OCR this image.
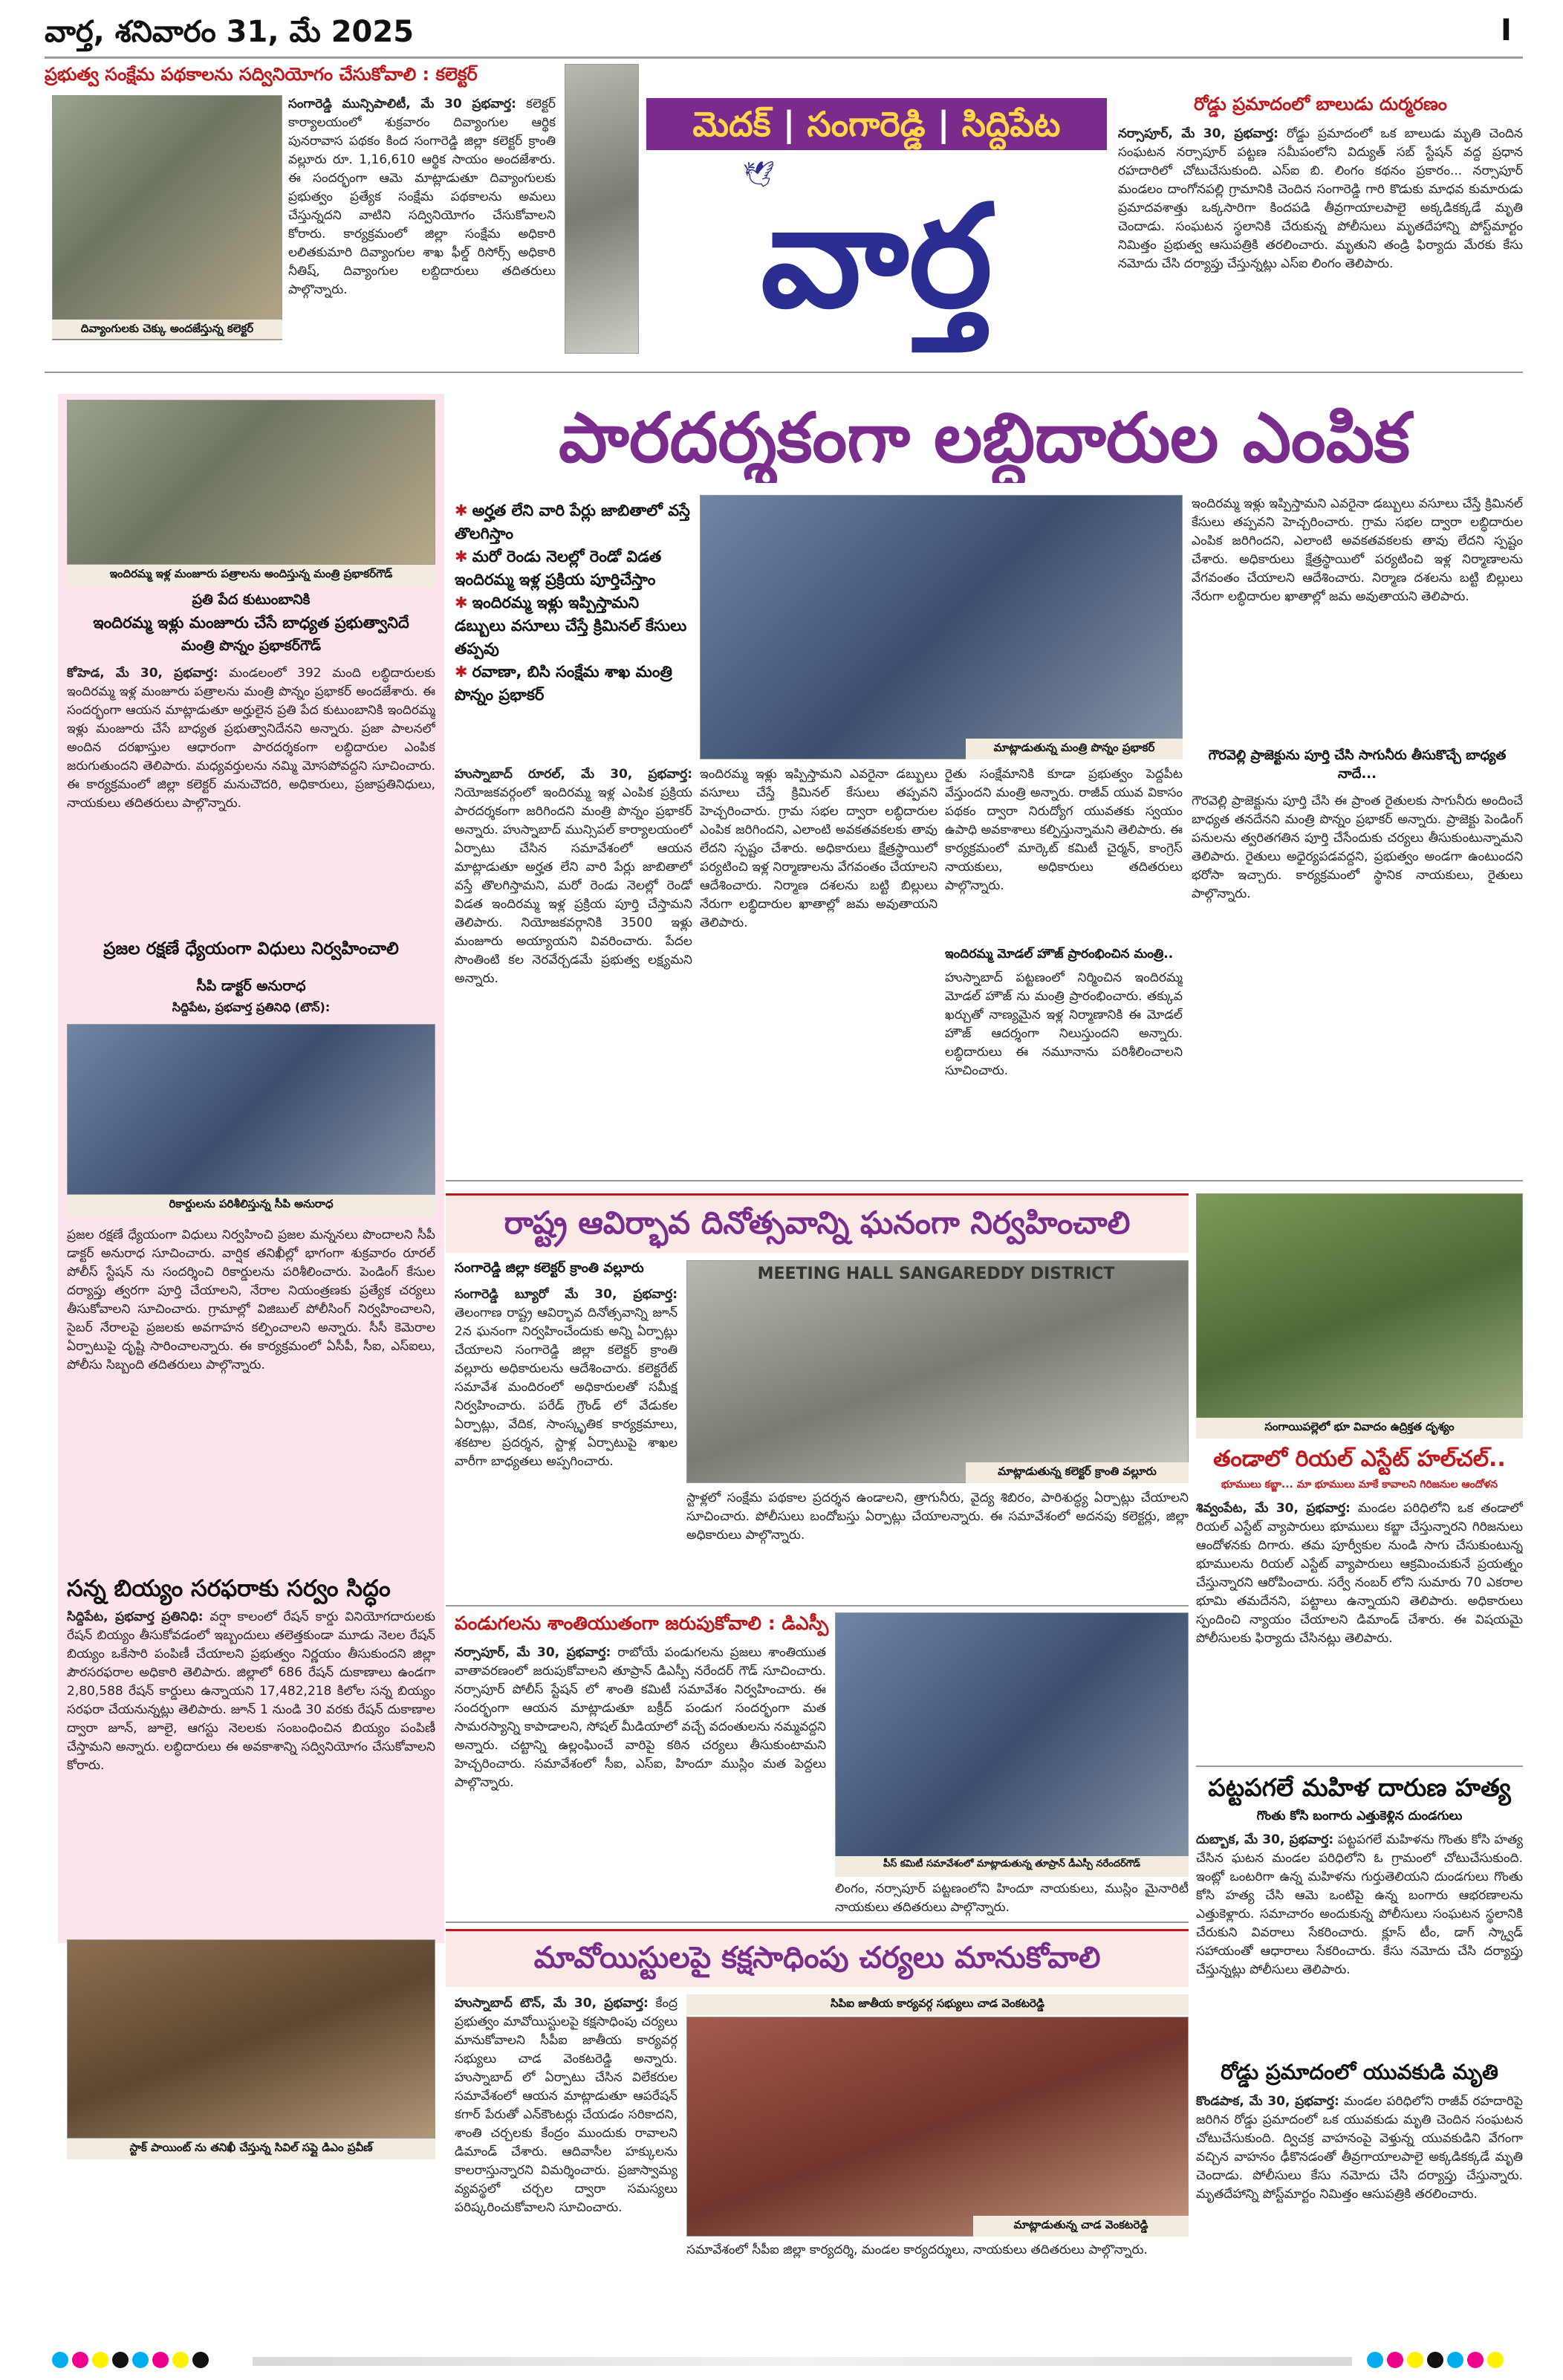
వార్త, శనివారం 31, మే 2025	I
ప్రభుత్వ సంక్షేమ పథకాలను సద్వినియోగం చేసుకోవాలి : కలెక్టర్
దివ్యాంగులకు చెక్కు అందజేస్తున్న కలెక్టర్
సంగారెడ్డి మున్సిపాలిటీ, మే 30 ప్రభవార్త: కలెక్టర్ కార్యాలయంలో శుక్రవారం దివ్యాంగుల ఆర్థిక పునరావాస పథకం కింద సంగారెడ్డి జిల్లా కలెక్టర్ క్రాంతి వల్లూరు రూ. 1,16,610 ఆర్థిక సాయం అందజేశారు. ఈ సందర్భంగా ఆమె మాట్లాడుతూ దివ్యాంగులకు ప్రభుత్వం ప్రత్యేక సంక్షేమ పథకాలను అమలు చేస్తున్నదని వాటిని సద్వినియోగం చేసుకోవాలని కోరారు. కార్యక్రమంలో జిల్లా సంక్షేమ అధికారి లలితకుమారి దివ్యాంగుల శాఖ ఫీల్డ్ రిసోర్స్ అధికారి నీతిష్, దివ్యాంగుల లబ్దిదారులు తదితరులు పాల్గొన్నారు.
మెదక్ | సంగారెడ్డి | సిద్దిపేట
వార్త
🕊
రోడ్డు ప్రమాదంలో బాలుడు దుర్మరణం
నర్సాపూర్, మే 30, ప్రభవార్త: రోడ్డు ప్రమాదంలో ఒక బాలుడు మృతి చెందిన సంఘటన నర్సాపూర్ పట్టణ సమీపంలోని విద్యుత్ సబ్ స్టేషన్ వద్ద ప్రధాన రహదారిలో చోటుచేసుకుంది. ఎస్ఐ బి. లింగం కథనం ప్రకారం... నర్సాపూర్ మండలం దాంగోనపల్లి గ్రామానికి చెందిన సంగారెడ్డి గారి కొడుకు మాధవ కుమారుడు ప్రమాదవశాత్తు ఒక్కసారిగా కిందపడి తీవ్రగాయాలపాలై అక్కడికక్కడే మృతి చెందాడు. సంఘటన స్థలానికి చేరుకున్న పోలీసులు మృతదేహాన్ని పోస్ట్‌మార్టం నిమిత్తం ప్రభుత్వ ఆసుపత్రికి తరలించారు. మృతుని తండ్రి ఫిర్యాదు మేరకు కేసు నమోదు చేసి దర్యాప్తు చేస్తున్నట్లు ఎస్ఐ లింగం తెలిపారు.
ఇందిరమ్మ ఇళ్ల మంజూరు పత్రాలను అందిస్తున్న మంత్రి ప్రభాకర్‌గౌడ్
ప్రతి పేద కుటుంబానికి
ఇందిరమ్మ ఇళ్లు మంజూరు చేసే బాధ్యత ప్రభుత్వానిదే
మంత్రి పొన్నం ప్రభాకర్‌గౌడ్
కోహెడ, మే 30, ప్రభవార్త: మండలంలో 392 మంది లబ్ధిదారులకు ఇందిరమ్మ ఇళ్ల మంజూరు పత్రాలను మంత్రి పొన్నం ప్రభాకర్ అందజేశారు. ఈ సందర్భంగా ఆయన మాట్లాడుతూ అర్హులైన ప్రతి పేద కుటుంబానికి ఇందిరమ్మ ఇళ్లు మంజూరు చేసే బాధ్యత ప్రభుత్వానిదేనని అన్నారు. ప్రజా పాలనలో అందిన దరఖాస్తుల ఆధారంగా పారదర్శకంగా లబ్ధిదారుల ఎంపిక జరుగుతుందని తెలిపారు. మధ్యవర్తులను నమ్మి మోసపోవద్దని సూచించారు. ఈ కార్యక్రమంలో జిల్లా కలెక్టర్ మనుచౌదరి, అధికారులు, ప్రజాప్రతినిధులు, నాయకులు తదితరులు పాల్గొన్నారు.
ప్రజల రక్షణే ధ్యేయంగా విధులు నిర్వహించాలి
సీపి డాక్టర్ అనురాధ
సిద్దిపేట, ప్రభవార్త ప్రతినిధి (టౌన్):
రికార్డులను పరిశీలిస్తున్న సీపి అనురాధ
ప్రజల రక్షణే ధ్యేయంగా విధులు నిర్వహించి ప్రజల మన్ననలు పొందాలని సీపీ డాక్టర్ అనురాధ సూచించారు. వార్షిక తనిఖీల్లో భాగంగా శుక్రవారం రూరల్ పోలీస్ స్టేషన్ ను సందర్శించి రికార్డులను పరిశీలించారు. పెండింగ్ కేసుల దర్యాప్తు త్వరగా పూర్తి చేయాలని, నేరాల నియంత్రణకు ప్రత్యేక చర్యలు తీసుకోవాలని సూచించారు. గ్రామాల్లో విజిబుల్ పోలీసింగ్ నిర్వహించాలని, సైబర్ నేరాలపై ప్రజలకు అవగాహన కల్పించాలని అన్నారు. సీసీ కెమెరాల ఏర్పాటుపై దృష్టి సారించాలన్నారు. ఈ కార్యక్రమంలో ఏసీపీ, సీఐ, ఎస్ఐలు, పోలీసు సిబ్బంది తదితరులు పాల్గొన్నారు.
సన్న బియ్యం సరఫరాకు సర్వం సిద్ధం
సిద్దిపేట, ప్రభవార్త ప్రతినిధి: వర్షా కాలంలో రేషన్ కార్డు వినియోగదారులకు రేషన్ బియ్యం తీసుకోవడంలో ఇబ్బందులు తలెత్తకుండా మూడు నెలల రేషన్ బియ్యం ఒకేసారి పంపిణీ చేయాలని ప్రభుత్వం నిర్ణయం తీసుకుందని జిల్లా పౌరసరఫరాల అధికారి తెలిపారు. జిల్లాలో 686 రేషన్ దుకాణాలు ఉండగా 2,80,588 రేషన్ కార్డులు ఉన్నాయని 17,482,218 కిలోల సన్న బియ్యం సరఫరా చేయనున్నట్లు తెలిపారు. జూన్ 1 నుండి 30 వరకు రేషన్ దుకాణాల ద్వారా జూన్, జూలై, ఆగస్టు నెలలకు సంబంధించిన బియ్యం పంపిణీ చేస్తామని అన్నారు. లబ్ధిదారులు ఈ అవకాశాన్ని సద్వినియోగం చేసుకోవాలని కోరారు.
స్టాక్ పాయింట్ ను తనిఖీ చేస్తున్న సివిల్ సప్లై డిఎం ప్రవీణ్
పారదర్శకంగా లబ్ధిదారుల ఎంపిక
✱ అర్హత లేని వారి పేర్లు జాబితాలో వస్తే తొలగిస్తాం
✱ మరో రెండు నెలల్లో రెండో విడత ఇందిరమ్మ ఇళ్ల ప్రక్రియ పూర్తిచేస్తాం
✱ ఇందిరమ్మ ఇళ్లు ఇప్పిస్తామని డబ్బులు వసూలు చేస్తే క్రిమినల్ కేసులు తప్పవు
✱ రవాణా, బిసి సంక్షేమ శాఖ మంత్రి పొన్నం ప్రభాకర్
మాట్లాడుతున్న మంత్రి పొన్నం ప్రభాకర్
హుస్నాబాద్ రూరల్, మే 30, ప్రభవార్త: నియోజకవర్గంలో ఇందిరమ్మ ఇళ్ల ఎంపిక ప్రక్రియ పారదర్శకంగా జరిగిందని మంత్రి పొన్నం ప్రభాకర్ అన్నారు. హుస్నాబాద్ మున్సిపల్ కార్యాలయంలో ఏర్పాటు చేసిన సమావేశంలో ఆయన మాట్లాడుతూ అర్హత లేని వారి పేర్లు జాబితాలో వస్తే తొలగిస్తామని, మరో రెండు నెలల్లో రెండో విడత ఇందిరమ్మ ఇళ్ల ప్రక్రియ పూర్తి చేస్తామని తెలిపారు. నియోజకవర్గానికి 3500 ఇళ్లు మంజూరు అయ్యాయని వివరించారు. పేదల సొంతింటి కల నెరవేర్చడమే ప్రభుత్వ లక్ష్యమని అన్నారు.
ఇందిరమ్మ ఇళ్లు ఇప్పిస్తామని ఎవరైనా డబ్బులు వసూలు చేస్తే క్రిమినల్ కేసులు తప్పవని హెచ్చరించారు. గ్రామ సభల ద్వారా లబ్ధిదారుల ఎంపిక జరిగిందని, ఎలాంటి అవకతవకలకు తావు లేదని స్పష్టం చేశారు. అధికారులు క్షేత్రస్థాయిలో పర్యటించి ఇళ్ల నిర్మాణాలను వేగవంతం చేయాలని ఆదేశించారు. నిర్మాణ దశలను బట్టి బిల్లులు నేరుగా లబ్ధిదారుల ఖాతాల్లో జమ అవుతాయని తెలిపారు.
రైతు సంక్షేమానికి కూడా ప్రభుత్వం పెద్దపీట వేస్తుందని మంత్రి అన్నారు. రాజీవ్ యువ వికాసం పథకం ద్వారా నిరుద్యోగ యువతకు స్వయం ఉపాధి అవకాశాలు కల్పిస్తున్నామని తెలిపారు. ఈ కార్యక్రమంలో మార్కెట్ కమిటీ చైర్మన్, కాంగ్రెస్ నాయకులు, అధికారులు తదితరులు పాల్గొన్నారు.
ఇందిరమ్మ మోడల్ హౌజ్ ప్రారంభించిన మంత్రి..
హుస్నాబాద్ పట్టణంలో నిర్మించిన ఇందిరమ్మ మోడల్ హౌజ్ ను మంత్రి ప్రారంభించారు. తక్కువ ఖర్చుతో నాణ్యమైన ఇళ్ల నిర్మాణానికి ఈ మోడల్ హౌజ్ ఆదర్శంగా నిలుస్తుందని అన్నారు. లబ్ధిదారులు ఈ నమూనాను పరిశీలించాలని సూచించారు.
ఇందిరమ్మ ఇళ్లు ఇప్పిస్తామని ఎవరైనా డబ్బులు వసూలు చేస్తే క్రిమినల్ కేసులు తప్పవని హెచ్చరించారు. గ్రామ సభల ద్వారా లబ్ధిదారుల ఎంపిక జరిగిందని, ఎలాంటి అవకతవకలకు తావు లేదని స్పష్టం చేశారు. అధికారులు క్షేత్రస్థాయిలో పర్యటించి ఇళ్ల నిర్మాణాలను వేగవంతం చేయాలని ఆదేశించారు. నిర్మాణ దశలను బట్టి బిల్లులు నేరుగా లబ్ధిదారుల ఖాతాల్లో జమ అవుతాయని తెలిపారు.
గౌరవెల్లి ప్రాజెక్టును పూర్తి చేసి సాగునీరు తీసుకొచ్చే బాధ్యత నాదే...
గౌరవెల్లి ప్రాజెక్టును పూర్తి చేసి ఈ ప్రాంత రైతులకు సాగునీరు అందించే బాధ్యత తనదేనని మంత్రి పొన్నం ప్రభాకర్ అన్నారు. ప్రాజెక్టు పెండింగ్ పనులను త్వరితగతిన పూర్తి చేసేందుకు చర్యలు తీసుకుంటున్నామని తెలిపారు. రైతులు అధైర్యపడవద్దని, ప్రభుత్వం అండగా ఉంటుందని భరోసా ఇచ్చారు. కార్యక్రమంలో స్థానిక నాయకులు, రైతులు పాల్గొన్నారు.
రాష్ట్ర ఆవిర్భావ దినోత్సవాన్ని ఘనంగా నిర్వహించాలి
సంగారెడ్డి జిల్లా కలెక్టర్ క్రాంతి వల్లూరు
సంగారెడ్డి బ్యూరో మే 30, ప్రభవార్త: తెలంగాణ రాష్ట్ర ఆవిర్భావ దినోత్సవాన్ని జూన్ 2న ఘనంగా నిర్వహించేందుకు అన్ని ఏర్పాట్లు చేయాలని సంగారెడ్డి జిల్లా కలెక్టర్ క్రాంతి వల్లూరు అధికారులను ఆదేశించారు. కలెక్టరేట్ సమావేశ మందిరంలో అధికారులతో సమీక్ష నిర్వహించారు. పరేడ్ గ్రౌండ్ లో వేడుకల ఏర్పాట్లు, వేదిక, సాంస్కృతిక కార్యక్రమాలు, శకటాల ప్రదర్శన, స్టాళ్ల ఏర్పాటుపై శాఖల వారీగా బాధ్యతలు అప్పగించారు.
MEETING HALL SANGAREDDY DISTRICT
మాట్లాడుతున్న కలెక్టర్ క్రాంతి వల్లూరు
స్టాళ్లలో సంక్షేమ పథకాల ప్రదర్శన ఉండాలని, త్రాగునీరు, వైద్య శిబిరం, పారిశుద్ధ్య ఏర్పాట్లు చేయాలని సూచించారు. పోలీసులు బందోబస్తు ఏర్పాట్లు చేయాలన్నారు. ఈ సమావేశంలో అదనపు కలెక్టర్లు, జిల్లా అధికారులు పాల్గొన్నారు.
సంగాయిపల్లెలో భూ వివాదం ఉద్రిక్తత దృశ్యం
తండాలో రియల్ ఎస్టేట్ హల్‌చల్..
భూములు కబ్జా... మా భూములు మాకే కావాలని గిరిజనుల ఆందోళన
శివ్వంపేట, మే 30, ప్రభవార్త: మండల పరిధిలోని ఒక తండాలో రియల్ ఎస్టేట్ వ్యాపారులు భూములు కబ్జా చేస్తున్నారని గిరిజనులు ఆందోళనకు దిగారు. తమ పూర్వీకుల నుండి సాగు చేసుకుంటున్న భూములను రియల్ ఎస్టేట్ వ్యాపారులు ఆక్రమించుకునే ప్రయత్నం చేస్తున్నారని ఆరోపించారు. సర్వే నంబర్ లోని సుమారు 70 ఎకరాల భూమి తమదేనని, పట్టాలు ఉన్నాయని తెలిపారు. అధికారులు స్పందించి న్యాయం చేయాలని డిమాండ్ చేశారు. ఈ విషయమై పోలీసులకు ఫిర్యాదు చేసినట్లు తెలిపారు.
పండుగలను శాంతియుతంగా జరుపుకోవాలి : డిఎస్పీ
నర్సాపూర్, మే 30, ప్రభవార్త: రాబోయే పండుగలను ప్రజలు శాంతియుత వాతావరణంలో జరుపుకోవాలని తూప్రాన్ డిఎస్పీ నరేందర్ గౌడ్ సూచించారు. నర్సాపూర్ పోలీస్ స్టేషన్ లో శాంతి కమిటీ సమావేశం నిర్వహించారు. ఈ సందర్భంగా ఆయన మాట్లాడుతూ బక్రీద్ పండుగ సందర్భంగా మత సామరస్యాన్ని కాపాడాలని, సోషల్ మీడియాలో వచ్చే వదంతులను నమ్మవద్దని అన్నారు. చట్టాన్ని ఉల్లంఘించే వారిపై కఠిన చర్యలు తీసుకుంటామని హెచ్చరించారు. సమావేశంలో సీఐ, ఎస్ఐ, హిందూ ముస్లిం మత పెద్దలు పాల్గొన్నారు.
పీస్ కమిటీ సమావేశంలో మాట్లాడుతున్న తూప్రాన్ డీఎస్పీ నరేందర్‌గౌడ్
లింగం, నర్సాపూర్ పట్టణంలోని హిందూ నాయకులు, ముస్లిం మైనారిటీ నాయకులు తదితరులు పాల్గొన్నారు.
పట్టపగలే మహిళ దారుణ హత్య
గొంతు కోసి బంగారు ఎత్తుకెళ్లిన దుండగులు
దుబ్బాక, మే 30, ప్రభవార్త: పట్టపగలే మహిళను గొంతు కోసి హత్య చేసిన ఘటన మండల పరిధిలోని ఓ గ్రామంలో చోటుచేసుకుంది. ఇంట్లో ఒంటరిగా ఉన్న మహిళను గుర్తుతెలియని దుండగులు గొంతు కోసి హత్య చేసి ఆమె ఒంటిపై ఉన్న బంగారు ఆభరణాలను ఎత్తుకెళ్లారు. సమాచారం అందుకున్న పోలీసులు సంఘటన స్థలానికి చేరుకుని వివరాలు సేకరించారు. క్లూస్ టీం, డాగ్ స్క్వాడ్ సహాయంతో ఆధారాలు సేకరించారు. కేసు నమోదు చేసి దర్యాప్తు చేస్తున్నట్లు పోలీసులు తెలిపారు.
రోడ్డు ప్రమాదంలో యువకుడి మృతి
కొండపాక, మే 30, ప్రభవార్త: మండల పరిధిలోని రాజీవ్ రహదారిపై జరిగిన రోడ్డు ప్రమాదంలో ఒక యువకుడు మృతి చెందిన సంఘటన చోటుచేసుకుంది. ద్విచక్ర వాహనంపై వెళ్తున్న యువకుడిని వేగంగా వచ్చిన వాహనం ఢీకొనడంతో తీవ్రగాయాలపాలై అక్కడికక్కడే మృతి చెందాడు. పోలీసులు కేసు నమోదు చేసి దర్యాప్తు చేస్తున్నారు. మృతదేహాన్ని పోస్ట్‌మార్టం నిమిత్తం ఆసుపత్రికి తరలించారు.
మావోయిస్టులపై కక్షసాధింపు చర్యలు మానుకోవాలి
హుస్నాబాద్ టౌన్, మే 30, ప్రభవార్త: కేంద్ర ప్రభుత్వం మావోయిస్టులపై కక్షసాధింపు చర్యలు మానుకోవాలని సీపీఐ జాతీయ కార్యవర్గ సభ్యులు చాడ వెంకటరెడ్డి అన్నారు. హుస్నాబాద్ లో ఏర్పాటు చేసిన విలేకరుల సమావేశంలో ఆయన మాట్లాడుతూ ఆపరేషన్ కగార్ పేరుతో ఎన్‌కౌంటర్లు చేయడం సరికాదని, శాంతి చర్చలకు కేంద్రం ముందుకు రావాలని డిమాండ్ చేశారు. ఆదివాసీల హక్కులను కాలరాస్తున్నారని విమర్శించారు. ప్రజాస్వామ్య వ్యవస్థలో చర్చల ద్వారా సమస్యలు పరిష్కరించుకోవాలని సూచించారు.
సిపిఐ జాతీయ కార్యవర్గ సభ్యులు చాడ వెంకటరెడ్డి
మాట్లాడుతున్న చాడ వెంకటరెడ్డి
సమావేశంలో సీపీఐ జిల్లా కార్యదర్శి, మండల కార్యదర్శులు, నాయకులు తదితరులు పాల్గొన్నారు.
